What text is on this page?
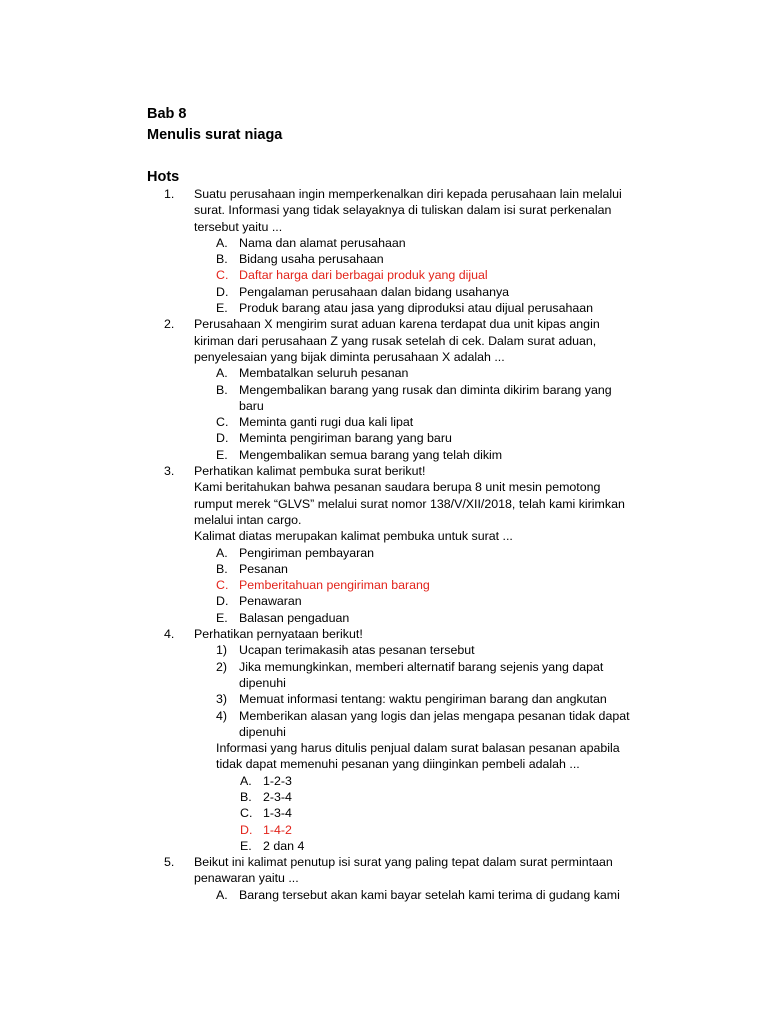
Bab 8
Menulis surat niaga
Hots
1. Suatu perusahaan ingin memperkenalkan diri kepada perusahaan lain melalui
surat. Informasi yang tidak selayaknya di tuliskan dalam isi surat perkenalan
tersebut yaitu ...
A. Nama dan alamat perusahaan
B. Bidang usaha perusahaan
C. Daftar harga dari berbagai produk yang dijual
D. Pengalaman perusahaan dalan bidang usahanya
E. Produk barang atau jasa yang diproduksi atau dijual perusahaan
2. Perusahaan X mengirim surat aduan karena terdapat dua unit kipas angin
kiriman dari perusahaan Z yang rusak setelah di cek. Dalam surat aduan,
penyelesaian yang bijak diminta perusahaan X adalah ...
A. Membatalkan seluruh pesanan
B. Mengembalikan barang yang rusak dan diminta dikirim barang yang
baru
C. Meminta ganti rugi dua kali lipat
D. Meminta pengiriman barang yang baru
E. Mengembalikan semua barang yang telah dikim
3. Perhatikan kalimat pembuka surat berikut!
Kami beritahukan bahwa pesanan saudara berupa 8 unit mesin pemotong
rumput merek “GLVS” melalui surat nomor 138/V/XII/2018, telah kami kirimkan
melalui intan cargo.
Kalimat diatas merupakan kalimat pembuka untuk surat ...
A. Pengiriman pembayaran
B. Pesanan
C. Pemberitahuan pengiriman barang
D. Penawaran
E. Balasan pengaduan
4. Perhatikan pernyataan berikut!
1) Ucapan terimakasih atas pesanan tersebut
2) Jika memungkinkan, memberi alternatif barang sejenis yang dapat
dipenuhi
3) Memuat informasi tentang: waktu pengiriman barang dan angkutan
4) Memberikan alasan yang logis dan jelas mengapa pesanan tidak dapat
dipenuhi
Informasi yang harus ditulis penjual dalam surat balasan pesanan apabila
tidak dapat memenuhi pesanan yang diinginkan pembeli adalah ...
A. 1-2-3
B. 2-3-4
C. 1-3-4
D. 1-4-2
E. 2 dan 4
5. Beikut ini kalimat penutup isi surat yang paling tepat dalam surat permintaan
penawaran yaitu ...
A. Barang tersebut akan kami bayar setelah kami terima di gudang kami
